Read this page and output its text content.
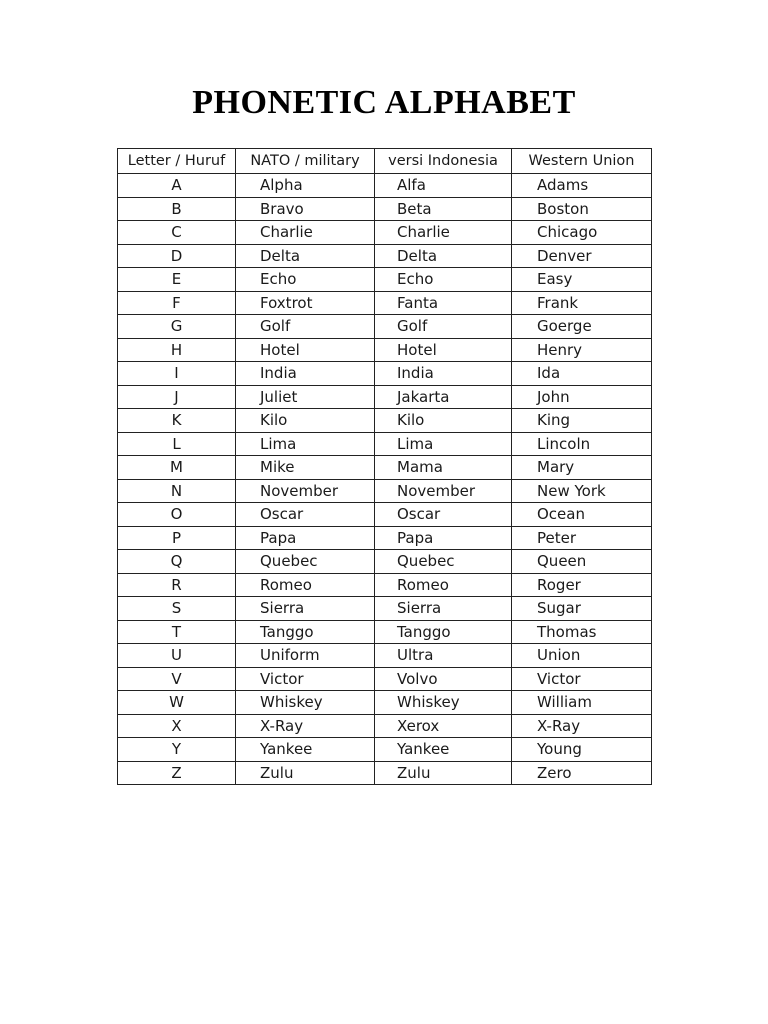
PHONETIC ALPHABET
Letter / Huruf	NATO / military	versi Indonesia	Western Union
A	Alpha	Alfa	Adams
B	Bravo	Beta	Boston
C	Charlie	Charlie	Chicago
D	Delta	Delta	Denver
E	Echo	Echo	Easy
F	Foxtrot	Fanta	Frank
G	Golf	Golf	Goerge
H	Hotel	Hotel	Henry
I	India	India	Ida
J	Juliet	Jakarta	John
K	Kilo	Kilo	King
L	Lima	Lima	Lincoln
M	Mike	Mama	Mary
N	November	November	New York
O	Oscar	Oscar	Ocean
P	Papa	Papa	Peter
Q	Quebec	Quebec	Queen
R	Romeo	Romeo	Roger
S	Sierra	Sierra	Sugar
T	Tanggo	Tanggo	Thomas
U	Uniform	Ultra	Union
V	Victor	Volvo	Victor
W	Whiskey	Whiskey	William
X	X-Ray	Xerox	X-Ray
Y	Yankee	Yankee	Young
Z	Zulu	Zulu	Zero
